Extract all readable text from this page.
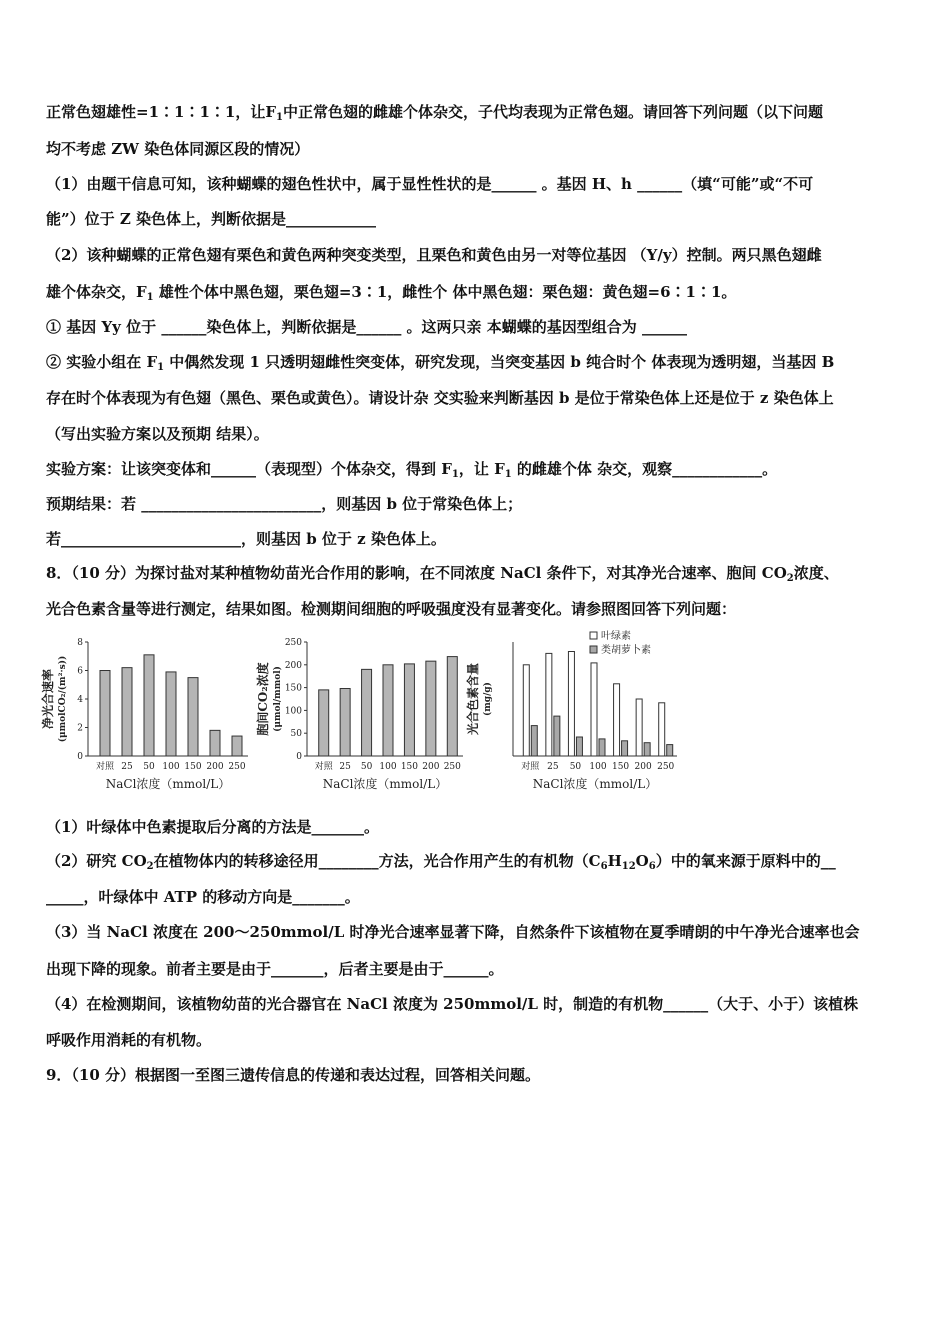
正常色翅雄性=1∶1∶1∶1，让$F_1$中正常色翅的雌雄个体杂交，子代均表现为正常色翅。请回答下列问题（以下问题
均不考虑 ZW 染色体同源区段的情况）
（1）由题干信息可知，该种蝴蝶的翅色性状中，属于显性性状的是______ 。基因 H、h ______（填“可能”或“不可
能”）位于 Z 染色体上，判断依据是____________
（2）该种蝴蝶的正常色翅有栗色和黄色两种突变类型，且栗色和黄色由另一对等位基因 （Y/y）控制。两只黑色翅雌
雄个体杂交，$F_1$ 雄性个体中黑色翅，栗色翅=3∶1，雌性个 体中黑色翅：栗色翅：黄色翅=6∶1∶1。
① 基因 Yy 位于 ______染色体上，判断依据是______ 。这两只亲 本蝴蝶的基因型组合为 ______
② 实验小组在 $F_1$ 中偶然发现 1 只透明翅雌性突变体，研究发现，当突变基因 b 纯合时个 体表现为透明翅，当基因 B
存在时个体表现为有色翅（黑色、栗色或黄色）。请设计杂 交实验来判断基因 b 是位于常染色体上还是位于 z 染色体上
（写出实验方案以及预期 结果）。
实验方案：让该突变体和______（表现型）个体杂交，得到 $F_1$，让 $F_1$ 的雌雄个体 杂交，观察____________。
预期结果：若 ________________________，则基因 b 位于常染色体上；
若________________________，则基因 b 位于 z 染色体上。
8．（10 分）为探讨盐对某种植物幼苗光合作用的影响，在不同浓度 NaCl 条件下，对其净光合速率、胞间 $CO_2$浓度、
光合色素含量等进行测定，结果如图。检测期间细胞的呼吸强度没有显著变化。请参照图回答下列问题：
净光合速率 (μmolCO₂/(m²·s))
0
2
4
6
8
对照 25 50 100 150 200 250
NaCl浓度（mmol/L）
胞间CO₂浓度 (μmol/mmol)
0
50
100
150
200
250
对照 25 50 100 150 200 250
NaCl浓度（mmol/L）
光合色素含量 (mg/g)
对照 25 50 100 150 200 250
叶绿素
类胡萝卜素
NaCl浓度（mmol/L）
（1）叶绿体中色素提取后分离的方法是_______。
（2）研究 $CO_2$在植物体内的转移途径用________方法，光合作用产生的有机物$(C_6H_{12}O_6)$中的氧来源于原料中的__
_____，叶绿体中 ATP 的移动方向是_______。
（3）当 NaCl 浓度在 200～250mmol/L 时净光合速率显著下降，自然条件下该植物在夏季晴朗的中午净光合速率也会
出现下降的现象。前者主要是由于_______，后者主要是由于______。
（4）在检测期间，该植物幼苗的光合器官在 NaCl 浓度为 250mmol/L 时，制造的有机物______（大于、小于）该植株
呼吸作用消耗的有机物。
9．（10 分）根据图一至图三遗传信息的传递和表达过程，回答相关问题。
